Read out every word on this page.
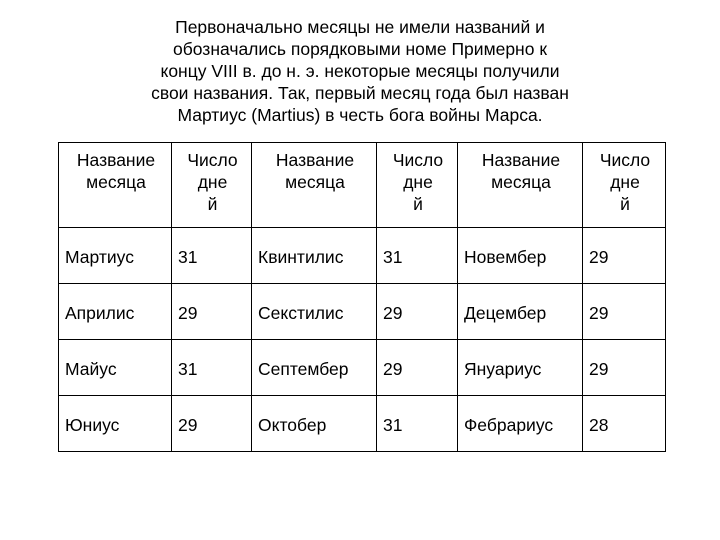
Первоначально месяцы не имели названий и
обозначались порядковыми номе Примерно к
концу VIII в. до н. э. некоторые месяцы получили
свои названия. Так, первый месяц года был назван
Мартиус (Martius) в честь бога войны Марса.
Название
месяца	Число
дне
й	Название
месяца	Число
дне
й	Название
месяца	Число
дне
й

Мартиус	31	Квинтилис	31	Новембер	29
Априлис	29	Секстилис	29	Децембер	29
Майус	31	Септембер	29	Януариус	29
Юниус	29	Октобер	31	Фебрариус	28
